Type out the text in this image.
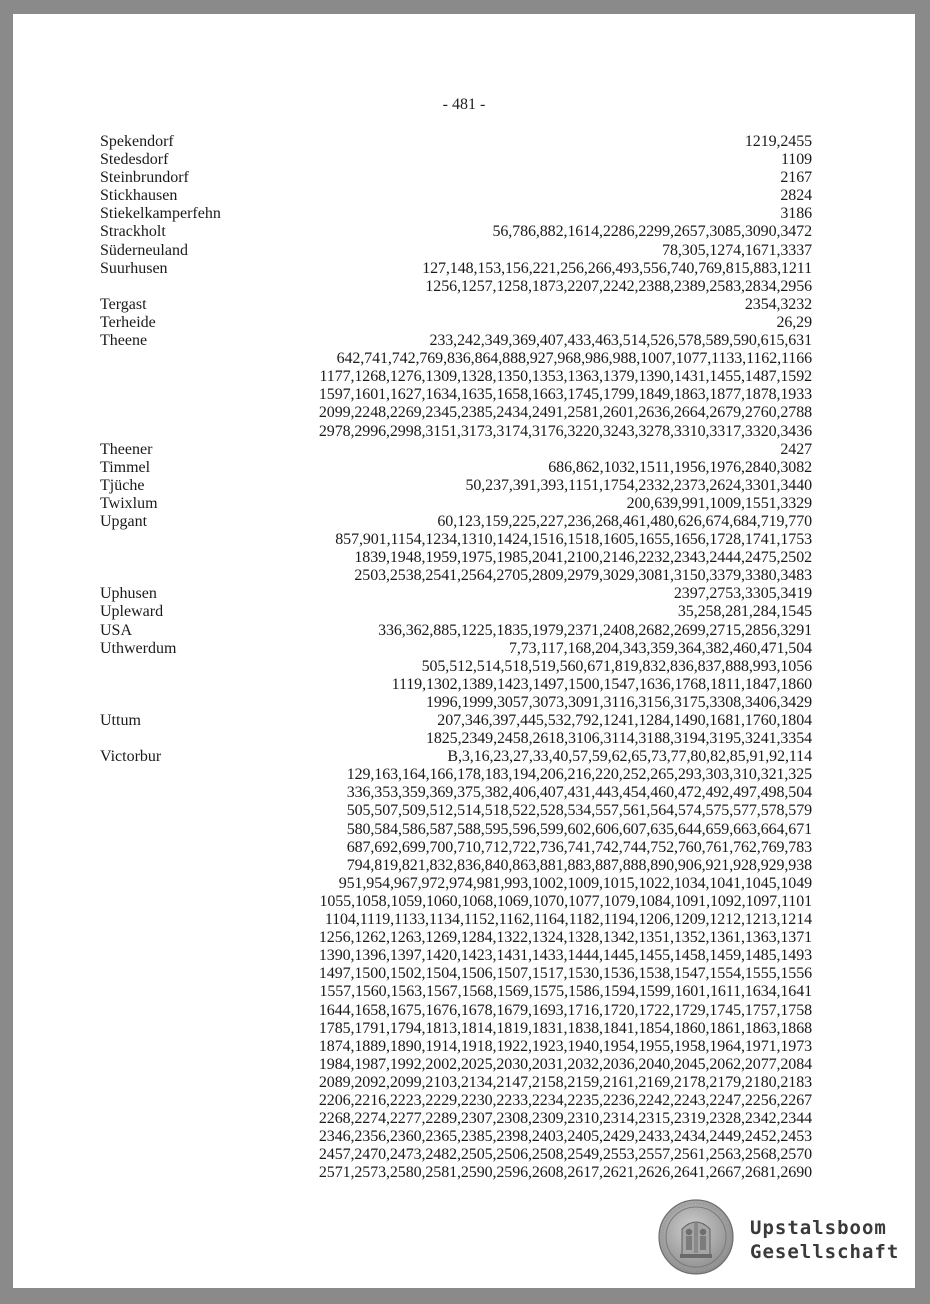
- 481 -
Spekendorf	1219,2455
Stedesdorf	1109
Steinbrundorf	2167
Stickhausen	2824
Stiekelkamperfehn	3186
Strackholt	56,786,882,1614,2286,2299,2657,3085,3090,3472
Süderneuland	78,305,1274,1671,3337
Suurhusen	127,148,153,156,221,256,266,493,556,740,769,815,883,1211
1256,1257,1258,1873,2207,2242,2388,2389,2583,2834,2956
Tergast	2354,3232
Terheide	26,29
Theene	233,242,349,369,407,433,463,514,526,578,589,590,615,631
642,741,742,769,836,864,888,927,968,986,988,1007,1077,1133,1162,1166
1177,1268,1276,1309,1328,1350,1353,1363,1379,1390,1431,1455,1487,1592
1597,1601,1627,1634,1635,1658,1663,1745,1799,1849,1863,1877,1878,1933
2099,2248,2269,2345,2385,2434,2491,2581,2601,2636,2664,2679,2760,2788
2978,2996,2998,3151,3173,3174,3176,3220,3243,3278,3310,3317,3320,3436
Theener	2427
Timmel	686,862,1032,1511,1956,1976,2840,3082
Tjüche	50,237,391,393,1151,1754,2332,2373,2624,3301,3440
Twixlum	200,639,991,1009,1551,3329
Upgant	60,123,159,225,227,236,268,461,480,626,674,684,719,770
857,901,1154,1234,1310,1424,1516,1518,1605,1655,1656,1728,1741,1753
1839,1948,1959,1975,1985,2041,2100,2146,2232,2343,2444,2475,2502
2503,2538,2541,2564,2705,2809,2979,3029,3081,3150,3379,3380,3483
Uphusen	2397,2753,3305,3419
Upleward	35,258,281,284,1545
USA	336,362,885,1225,1835,1979,2371,2408,2682,2699,2715,2856,3291
Uthwerdum	7,73,117,168,204,343,359,364,382,460,471,504
505,512,514,518,519,560,671,819,832,836,837,888,993,1056
1119,1302,1389,1423,1497,1500,1547,1636,1768,1811,1847,1860
1996,1999,3057,3073,3091,3116,3156,3175,3308,3406,3429
Uttum	207,346,397,445,532,792,1241,1284,1490,1681,1760,1804
1825,2349,2458,2618,3106,3114,3188,3194,3195,3241,3354
Victorbur	B,3,16,23,27,33,40,57,59,62,65,73,77,80,82,85,91,92,114
129,163,164,166,178,183,194,206,216,220,252,265,293,303,310,321,325
336,353,359,369,375,382,406,407,431,443,454,460,472,492,497,498,504
505,507,509,512,514,518,522,528,534,557,561,564,574,575,577,578,579
580,584,586,587,588,595,596,599,602,606,607,635,644,659,663,664,671
687,692,699,700,710,712,722,736,741,742,744,752,760,761,762,769,783
794,819,821,832,836,840,863,881,883,887,888,890,906,921,928,929,938
951,954,967,972,974,981,993,1002,1009,1015,1022,1034,1041,1045,1049
1055,1058,1059,1060,1068,1069,1070,1077,1079,1084,1091,1092,1097,1101
1104,1119,1133,1134,1152,1162,1164,1182,1194,1206,1209,1212,1213,1214
1256,1262,1263,1269,1284,1322,1324,1328,1342,1351,1352,1361,1363,1371
1390,1396,1397,1420,1423,1431,1433,1444,1445,1455,1458,1459,1485,1493
1497,1500,1502,1504,1506,1507,1517,1530,1536,1538,1547,1554,1555,1556
1557,1560,1563,1567,1568,1569,1575,1586,1594,1599,1601,1611,1634,1641
1644,1658,1675,1676,1678,1679,1693,1716,1720,1722,1729,1745,1757,1758
1785,1791,1794,1813,1814,1819,1831,1838,1841,1854,1860,1861,1863,1868
1874,1889,1890,1914,1918,1922,1923,1940,1954,1955,1958,1964,1971,1973
1984,1987,1992,2002,2025,2030,2031,2032,2036,2040,2045,2062,2077,2084
2089,2092,2099,2103,2134,2147,2158,2159,2161,2169,2178,2179,2180,2183
2206,2216,2223,2229,2230,2233,2234,2235,2236,2242,2243,2247,2256,2267
2268,2274,2277,2289,2307,2308,2309,2310,2314,2315,2319,2328,2342,2344
2346,2356,2360,2365,2385,2398,2403,2405,2429,2433,2434,2449,2452,2453
2457,2470,2473,2482,2505,2506,2508,2549,2553,2557,2561,2563,2568,2570
2571,2573,2580,2581,2590,2596,2608,2617,2621,2626,2641,2667,2681,2690
Upstalsboom
Gesellschaft
